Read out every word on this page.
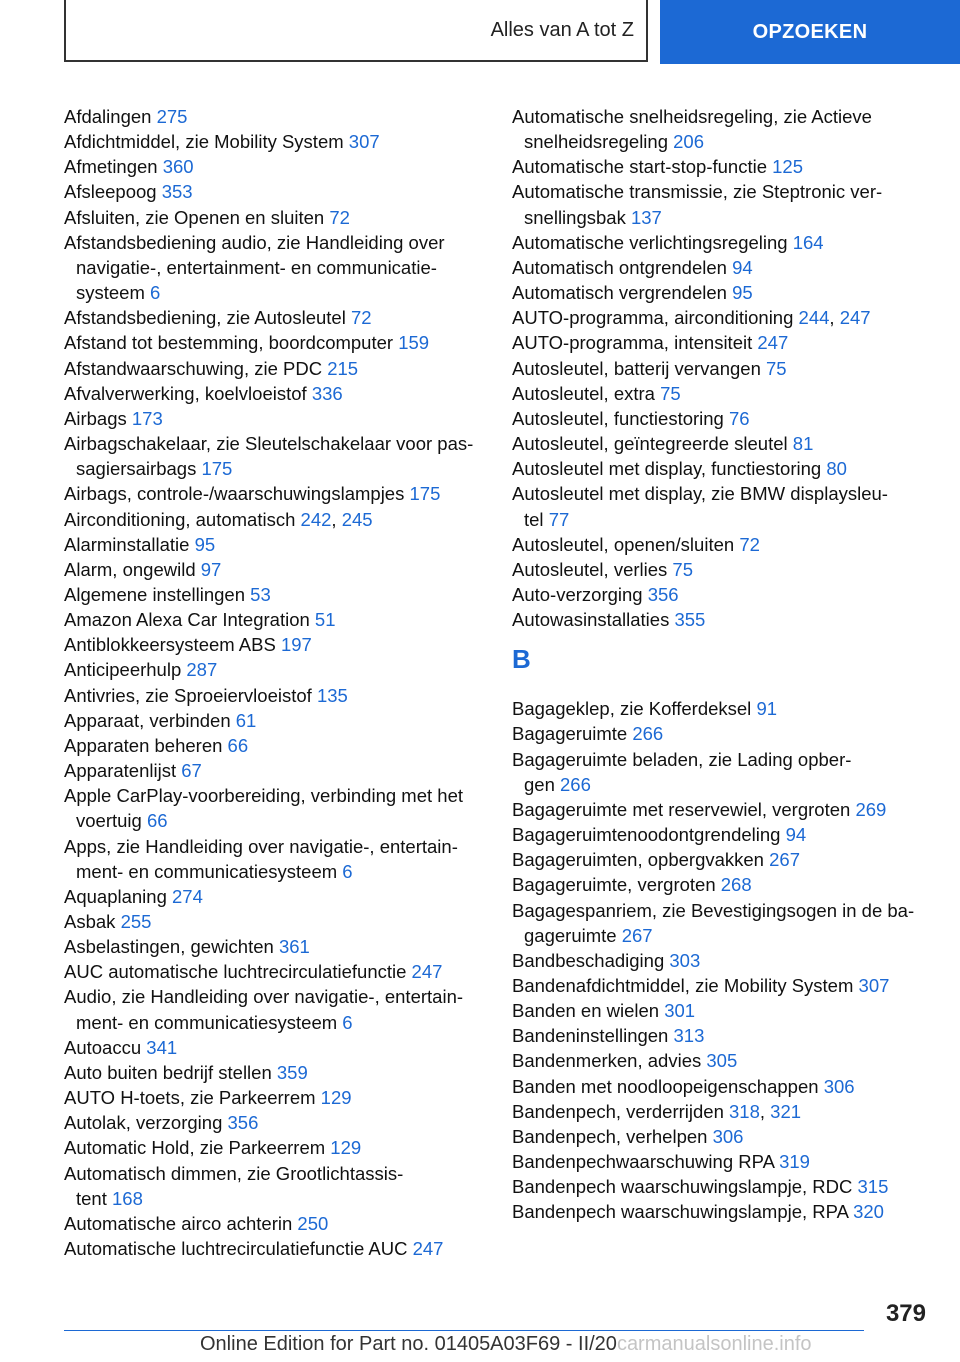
Alles van A tot Z	OPZOEKEN
Afdalingen 275
Afdichtmiddel, zie Mobility System 307
Afmetingen 360
Afsleepoog 353
Afsluiten, zie Openen en sluiten 72
Afstandsbediening audio, zie Handleiding over
navigatie-, entertainment- en communicatie-
systeem 6
Afstandsbediening, zie Autosleutel 72
Afstand tot bestemming, boordcomputer 159
Afstandwaarschuwing, zie PDC 215
Afvalverwerking, koelvloeistof 336
Airbags 173
Airbagschakelaar, zie Sleutelschakelaar voor pas-
sagiersairbags 175
Airbags, controle-/waarschuwingslampjes 175
Airconditioning, automatisch 242, 245
Alarminstallatie 95
Alarm, ongewild 97
Algemene instellingen 53
Amazon Alexa Car Integration 51
Antiblokkeersysteem ABS 197
Anticipeerhulp 287
Antivries, zie Sproeiervloeistof 135
Apparaat, verbinden 61
Apparaten beheren 66
Apparatenlijst 67
Apple CarPlay-voorbereiding, verbinding met het
voertuig 66
Apps, zie Handleiding over navigatie-, entertain-
ment- en communicatiesysteem 6
Aquaplaning 274
Asbak 255
Asbelastingen, gewichten 361
AUC automatische luchtrecirculatiefunctie 247
Audio, zie Handleiding over navigatie-, entertain-
ment- en communicatiesysteem 6
Autoaccu 341
Auto buiten bedrijf stellen 359
AUTO H-toets, zie Parkeerrem 129
Autolak, verzorging 356
Automatic Hold, zie Parkeerrem 129
Automatisch dimmen, zie Grootlichtassis-
tent 168
Automatische airco achterin 250
Automatische luchtrecirculatiefunctie AUC 247
Automatische snelheidsregeling, zie Actieve
snelheidsregeling 206
Automatische start-stop-functie 125
Automatische transmissie, zie Steptronic ver-
snellingsbak 137
Automatische verlichtingsregeling 164
Automatisch ontgrendelen 94
Automatisch vergrendelen 95
AUTO-programma, airconditioning 244, 247
AUTO-programma, intensiteit 247
Autosleutel, batterij vervangen 75
Autosleutel, extra 75
Autosleutel, functiestoring 76
Autosleutel, geïntegreerde sleutel 81
Autosleutel met display, functiestoring 80
Autosleutel met display, zie BMW displaysleu-
tel 77
Autosleutel, openen/sluiten 72
Autosleutel, verlies 75
Auto-verzorging 356
Autowasinstallaties 355
B
Bagageklep, zie Kofferdeksel 91
Bagageruimte 266
Bagageruimte beladen, zie Lading opber-
gen 266
Bagageruimte met reservewiel, vergroten 269
Bagageruimtenoodontgrendeling 94
Bagageruimten, opbergvakken 267
Bagageruimte, vergroten 268
Bagagespanriem, zie Bevestigingsogen in de ba-
gageruimte 267
Bandbeschadiging 303
Bandenafdichtmiddel, zie Mobility System 307
Banden en wielen 301
Bandeninstellingen 313
Bandenmerken, advies 305
Banden met noodloopeigenschappen 306
Bandenpech, verderrijden 318, 321
Bandenpech, verhelpen 306
Bandenpechwaarschuwing RPA 319
Bandenpech waarschuwingslampje, RDC 315
Bandenpech waarschuwingslampje, RPA 320
379
Online Edition for Part no. 01405A03F69 - II/20carmanualsonline.info
